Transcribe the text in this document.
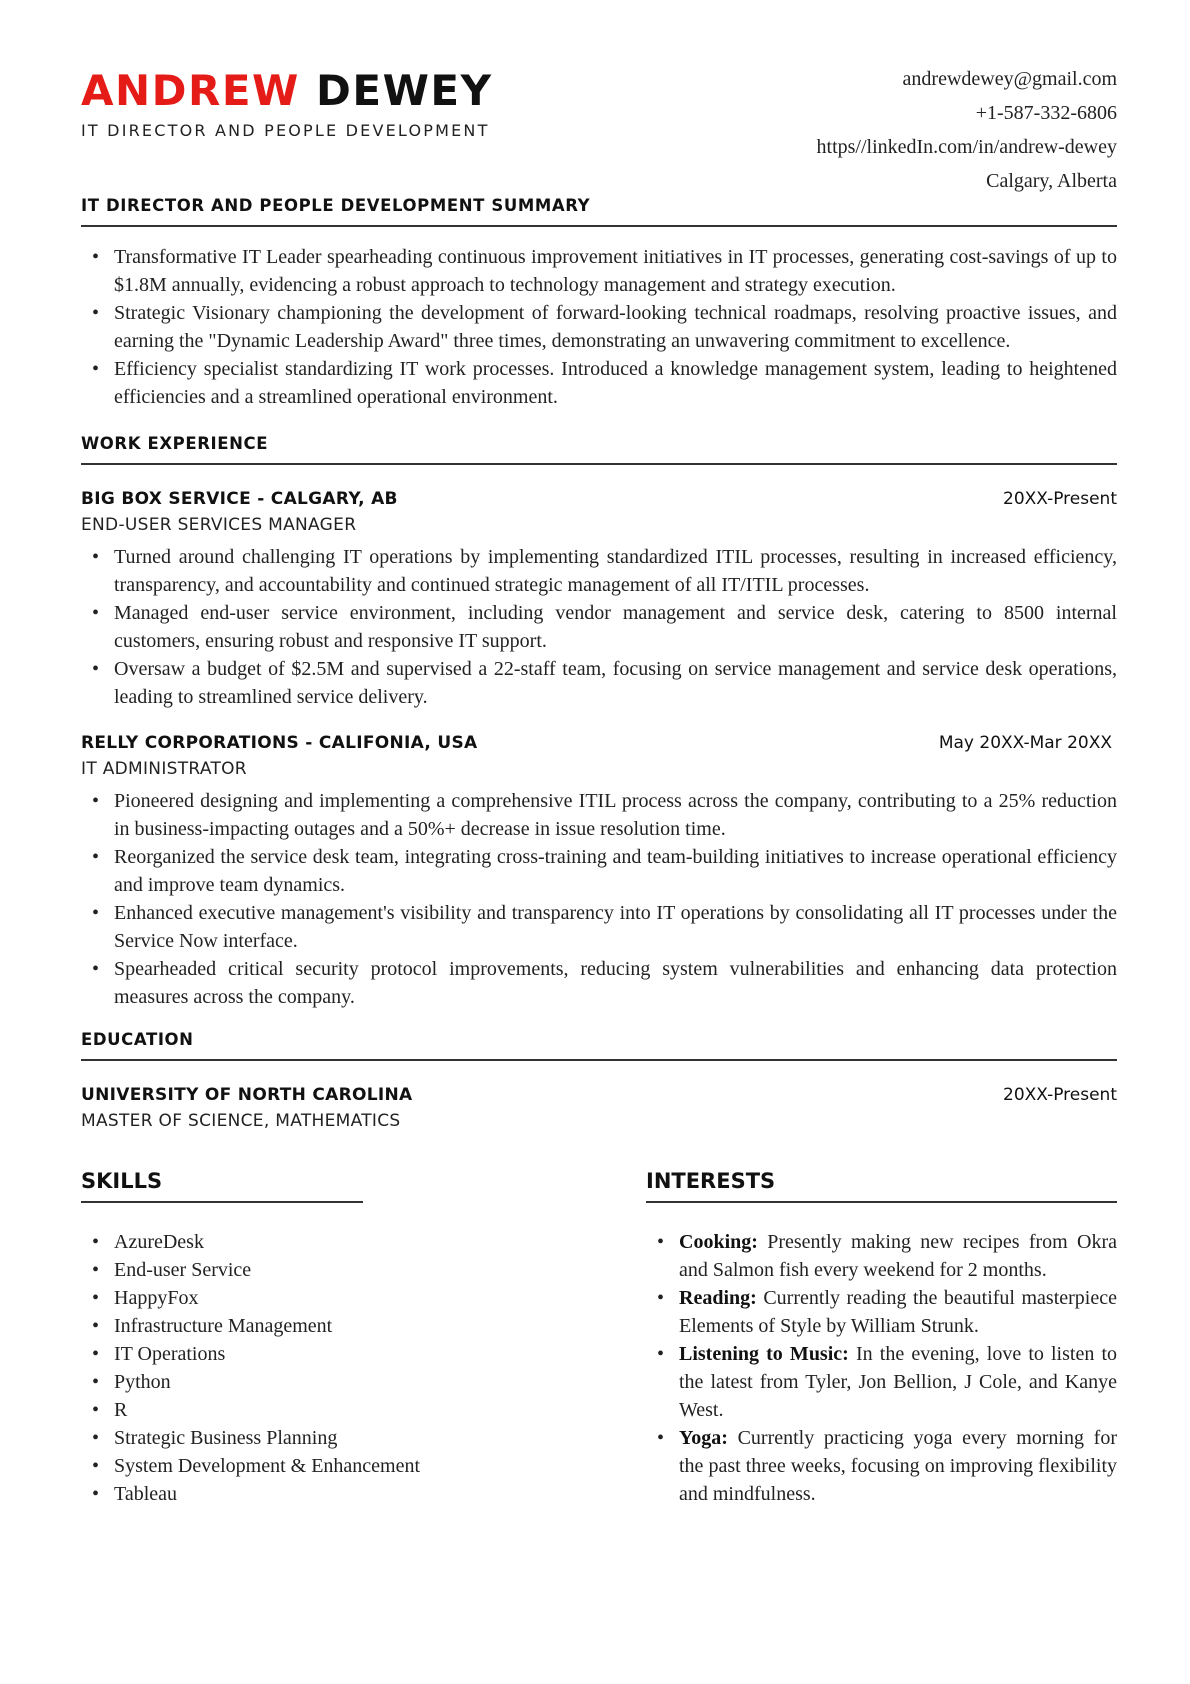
ANDREW DEWEY
IT DIRECTOR AND PEOPLE DEVELOPMENT
andrewdewey@gmail.com
+1-587-332-6806
https//linkedIn.com/in/andrew-dewey
Calgary, Alberta
IT DIRECTOR AND PEOPLE DEVELOPMENT SUMMARY
• Transformative IT Leader spearheading continuous improvement initiatives in IT processes, generating cost-savings of up to $1.8M annually, evidencing a robust approach to technology management and strategy execution.
• Strategic Visionary championing the development of forward-looking technical roadmaps, resolving proactive issues, and earning the "Dynamic Leadership Award" three times, demonstrating an unwavering commitment to excellence.
• Efficiency specialist standardizing IT work processes. Introduced a knowledge management system, leading to heightened efficiencies and a streamlined operational environment.
WORK EXPERIENCE
BIG BOX SERVICE - CALGARY, AB	20XX-Present
END-USER SERVICES MANAGER
• Turned around challenging IT operations by implementing standardized ITIL processes, resulting in increased efficiency, transparency, and accountability and continued strategic management of all IT/ITIL processes.
• Managed end-user service environment, including vendor management and service desk, catering to 8500 internal customers, ensuring robust and responsive IT support.
• Oversaw a budget of $2.5M and supervised a 22-staff team, focusing on service management and service desk operations, leading to streamlined service delivery.
RELLY CORPORATIONS - CALIFONIA, USA	May 20XX-Mar 20XX
IT ADMINISTRATOR
• Pioneered designing and implementing a comprehensive ITIL process across the company, contributing to a 25% reduction in business-impacting outages and a 50%+ decrease in issue resolution time.
• Reorganized the service desk team, integrating cross-training and team-building initiatives to increase operational efficiency and improve team dynamics.
• Enhanced executive management's visibility and transparency into IT operations by consolidating all IT processes under the Service Now interface.
• Spearheaded critical security protocol improvements, reducing system vulnerabilities and enhancing data protection measures across the company.
EDUCATION
UNIVERSITY OF NORTH CAROLINA	20XX-Present
MASTER OF SCIENCE, MATHEMATICS
SKILLS
• AzureDesk
• End-user Service
• HappyFox
• Infrastructure Management
• IT Operations
• Python
• R
• Strategic Business Planning
• System Development & Enhancement
• Tableau
INTERESTS
• Cooking: Presently making new recipes from Okra and Salmon fish every weekend for 2 months.
• Reading: Currently reading the beautiful masterpiece Elements of Style by William Strunk.
• Listening to Music: In the evening, love to listen to the latest from Tyler, Jon Bellion, J Cole, and Kanye West.
• Yoga: Currently practicing yoga every morning for the past three weeks, focusing on improving flexibility and mindfulness.
